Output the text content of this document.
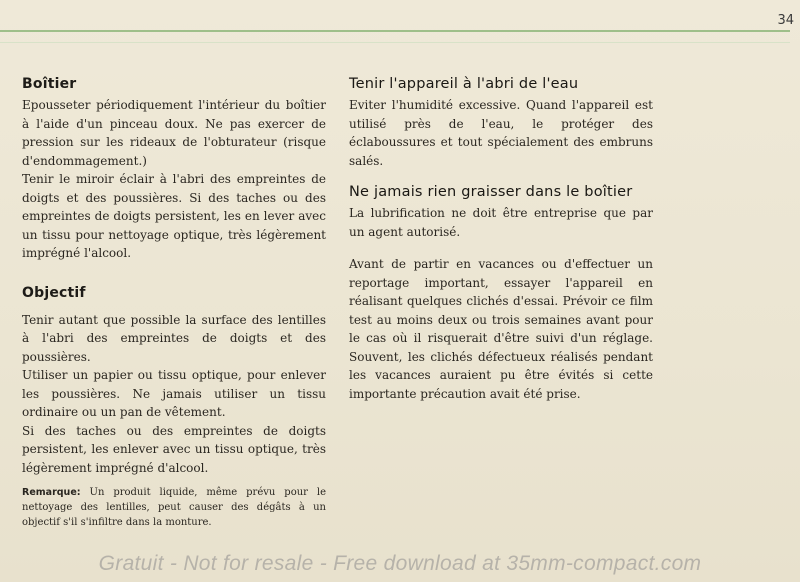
34
Boîtier

Epousseter périodiquement l'intérieur du boîtier à l'aide d'un pinceau doux. Ne pas exercer de pression sur les rideaux de l'obturateur (risque d'endommagement.)

Tenir le miroir éclair à l'abri des empreintes de doigts et des poussières. Si des taches ou des empreintes de doigts persistent, les en lever avec un tissu pour nettoyage optique, très légèrement imprégné l'alcool.

Objectif

Tenir autant que possible la surface des lentilles à l'abri des empreintes de doigts et des poussières.

Utiliser un papier ou tissu optique, pour enlever les poussières. Ne jamais utiliser un tissu ordinaire ou un pan de vêtement.

Si des taches ou des empreintes de doigts persistent, les enlever avec un tissu optique, très légèrement imprégné d'alcool.

Remarque: Un produit liquide, même prévu pour le nettoyage des lentilles, peut causer des dégâts à un objectif s'il s'infiltre dans la monture.
Tenir l'appareil à l'abri de l'eau

Eviter l'humidité excessive. Quand l'appareil est utilisé près de l'eau, le protéger des éclaboussures et tout spécialement des embruns salés.

Ne jamais rien graisser dans le boîtier

La lubrification ne doit être entreprise que par un agent autorisé.

Avant de partir en vacances ou d'effectuer un reportage important, essayer l'appareil en réalisant quelques clichés d'essai. Prévoir ce film test au moins deux ou trois semaines avant pour le cas où il risquerait d'être suivi d'un réglage. Souvent, les clichés défectueux réalisés pendant les vacances auraient pu être évités si cette importante précaution avait été prise.

Gratuit - Not for resale - Free download at 35mm-compact.com
